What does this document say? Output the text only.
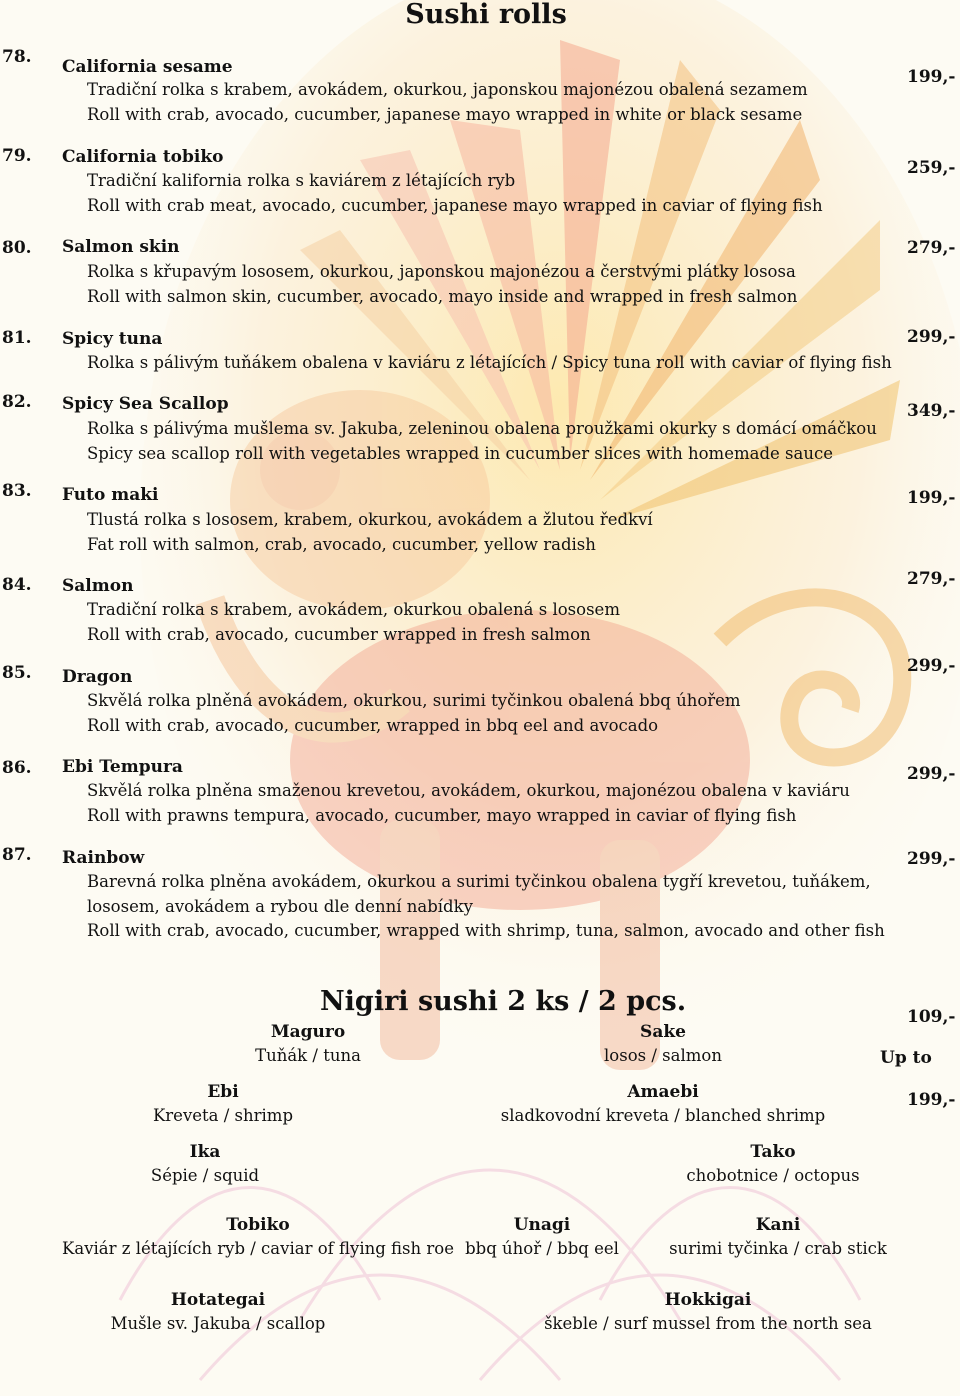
Sushi rolls
78. California sesame
Tradiční rolka s krabem, avokádem, okurkou, japonskou majonézou obalená sezamem
Roll with crab, avocado, cucumber, japanese mayo wrapped in white or black sesame
199,-
79. California tobiko
Tradiční kalifornia rolka s kaviárem z létajících ryb
Roll with crab meat, avocado, cucumber, japanese mayo wrapped in caviar of flying fish
259,-
80. Salmon skin
Rolka s křupavým lososem, okurkou, japonskou majonézou a čerstvými plátky lososa
Roll with salmon skin, cucumber, avocado, mayo inside and wrapped in fresh salmon
279,-
81. Spicy tuna
Rolka s pálivým tuňákem obalena v kaviáru z létajících / Spicy tuna roll with caviar of flying fish
299,-
82. Spicy Sea Scallop
Rolka s pálivýma mušlema sv. Jakuba, zeleninou obalena proužkami okurky s domácí omáčkou
Spicy sea scallop roll with vegetables wrapped in cucumber slices with homemade sauce
349,-
83. Futo maki
Tlustá rolka s lososem, krabem, okurkou, avokádem a žlutou ředkví
Fat roll with salmon, crab, avocado, cucumber, yellow radish
199,-
84. Salmon
Tradiční rolka s krabem, avokádem, okurkou obalená s lososem
Roll with crab, avocado, cucumber wrapped in fresh salmon
279,-
85. Dragon
Skvělá rolka plněná avokádem, okurkou, surimi tyčinkou obalená bbq úhořem
Roll with crab, avocado, cucumber, wrapped in bbq eel and avocado
299,-
86. Ebi Tempura
Skvělá rolka plněna smaženou krevetou, avokádem, okurkou, majonézou obalena v kaviáru
Roll with prawns tempura, avocado, cucumber, mayo wrapped in caviar of flying fish
299,-
87. Rainbow
Barevná rolka plněna avokádem, okurkou a surimi tyčinkou obalena tygří krevetou, tuňákem,
lososem, avokádem a rybou dle denní nabídky
Roll with crab, avocado, cucumber, wrapped with shrimp, tuna, salmon, avocado and other fish
299,-
Nigiri sushi 2 ks / 2 pcs.	109,-
Up to
199,-
Maguro
Tuňák / tuna
Sake
losos / salmon
Ebi
Kreveta / shrimp
Amaebi
sladkovodní kreveta / blanched shrimp
Ika
Sépie / squid
Tako
chobotnice / octopus
Tobiko
Kaviár z létajících ryb / caviar of flying fish roe
Unagi
bbq úhoř / bbq eel
Kani
surimi tyčinka / crab stick
Hotategai
Mušle sv. Jakuba / scallop
Hokkigai
škeble / surf mussel from the north sea
